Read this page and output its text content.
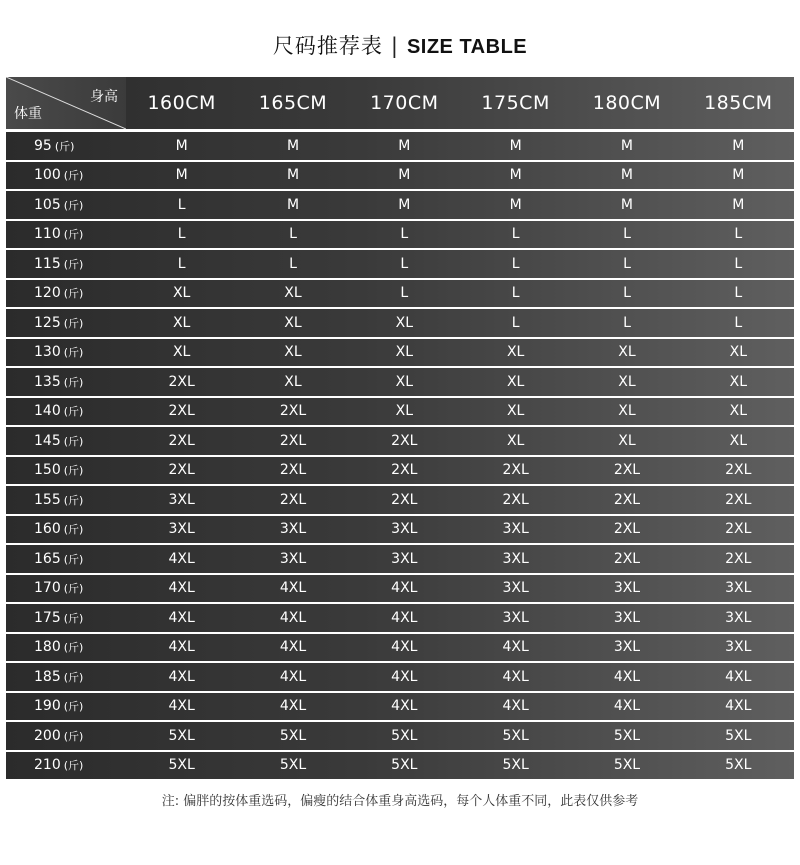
尺码推荐表 | SIZE TABLE
身高
体重	160CM	165CM	170CM	175CM	180CM	185CM
95 (斤)	M	M	M	M	M	M
100 (斤)	M	M	M	M	M	M
105 (斤)	L	M	M	M	M	M
110 (斤)	L	L	L	L	L	L
115 (斤)	L	L	L	L	L	L
120 (斤)	XL	XL	L	L	L	L
125 (斤)	XL	XL	XL	L	L	L
130 (斤)	XL	XL	XL	XL	XL	XL
135 (斤)	2XL	XL	XL	XL	XL	XL
140 (斤)	2XL	2XL	XL	XL	XL	XL
145 (斤)	2XL	2XL	2XL	XL	XL	XL
150 (斤)	2XL	2XL	2XL	2XL	2XL	2XL
155 (斤)	3XL	2XL	2XL	2XL	2XL	2XL
160 (斤)	3XL	3XL	3XL	3XL	2XL	2XL
165 (斤)	4XL	3XL	3XL	3XL	2XL	2XL
170 (斤)	4XL	4XL	4XL	3XL	3XL	3XL
175 (斤)	4XL	4XL	4XL	3XL	3XL	3XL
180 (斤)	4XL	4XL	4XL	4XL	3XL	3XL
185 (斤)	4XL	4XL	4XL	4XL	4XL	4XL
190 (斤)	4XL	4XL	4XL	4XL	4XL	4XL
200 (斤)	5XL	5XL	5XL	5XL	5XL	5XL
210 (斤)	5XL	5XL	5XL	5XL	5XL	5XL
注: 偏胖的按体重选码，偏瘦的结合体重身高选码，每个人体重不同，此表仅供参考
